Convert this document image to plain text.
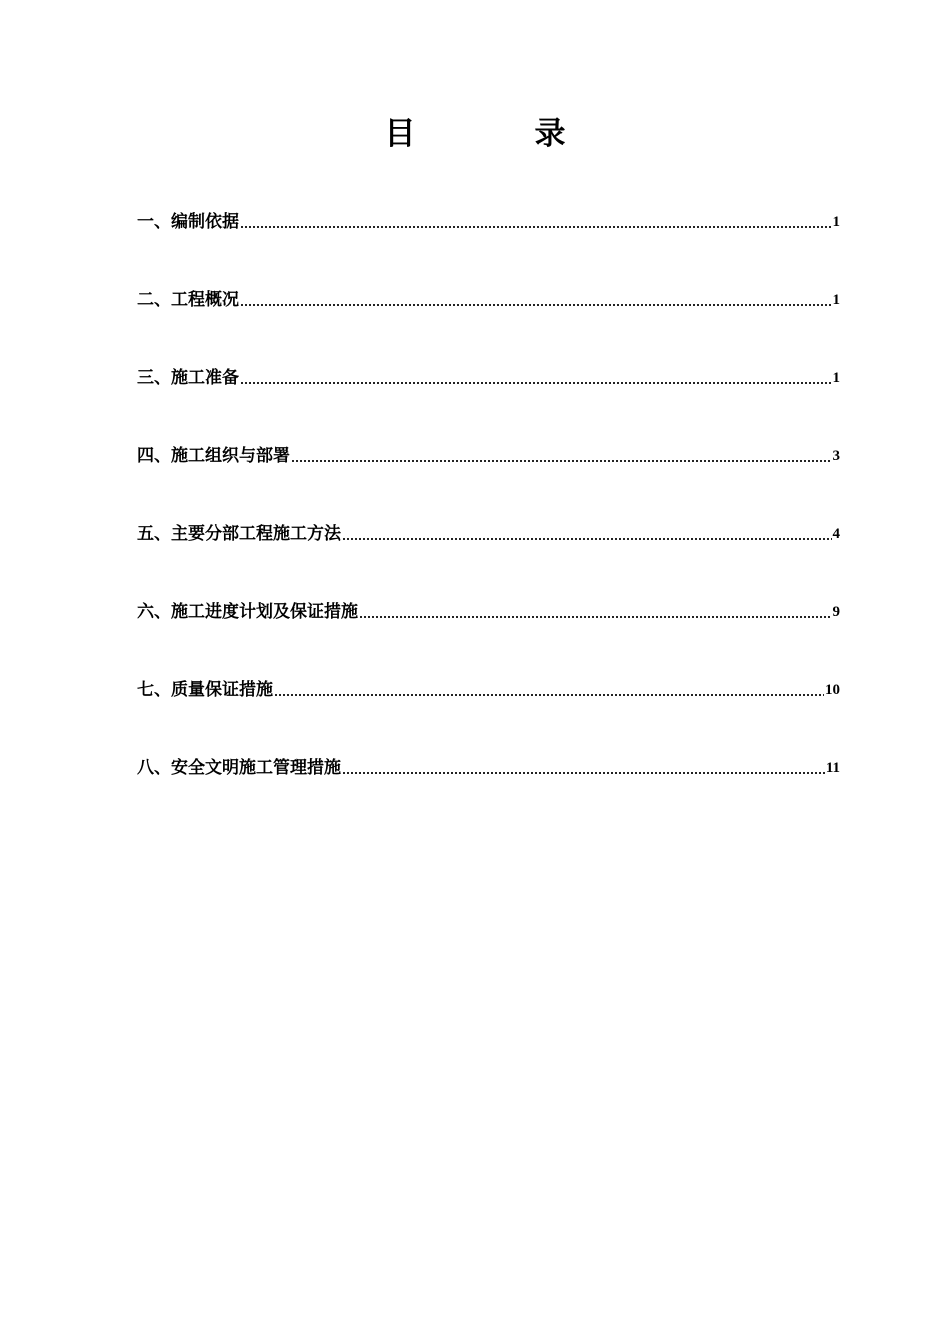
目　录
一、编制依据	1
二、工程概况	1
三、施工准备	1
四、施工组织与部署	3
五、主要分部工程施工方法	4
六、施工进度计划及保证措施	9
七、质量保证措施	10
八、安全文明施工管理措施	11
